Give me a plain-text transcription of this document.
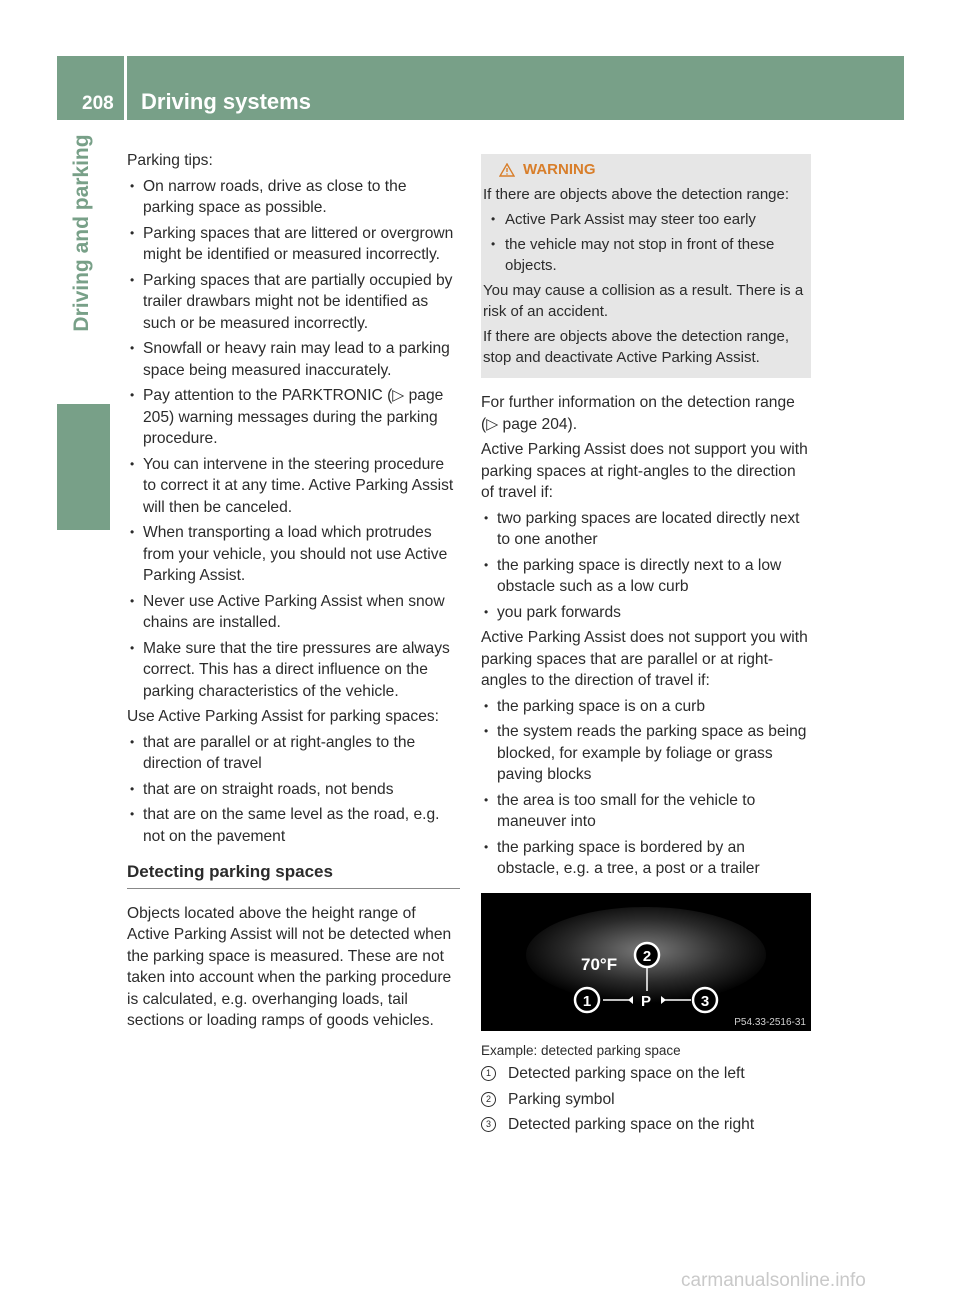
208 Driving systems
Driving and parking Parking tips:

• On narrow roads, drive as close to the parking space as possible.
• Parking spaces that are littered or overgrown might be identified or measured incorrectly.
• Parking spaces that are partially occupied by trailer drawbars might not be identified as such or be measured incorrectly.
• Snowfall or heavy rain may lead to a parking space being measured inaccurately.
• Pay attention to the PARKTRONIC (▷ page 205) warning messages during the parking procedure.
• You can intervene in the steering procedure to correct it at any time. Active Parking Assist will then be canceled.
• When transporting a load which protrudes from your vehicle, you should not use Active Parking Assist.
• Never use Active Parking Assist when snow chains are installed.
• Make sure that the tire pressures are always correct. This has a direct influence on the parking characteristics of the vehicle.

Use Active Parking Assist for parking spaces:

• that are parallel or at right-angles to the direction of travel
• that are on straight roads, not bends
• that are on the same level as the road, e.g. not on the pavement
Detecting parking spaces

Objects located above the height range of Active Parking Assist will not be detected when the parking space is measured. These are not taken into account when the parking procedure is calculated, e.g. overhanging loads, tail sections or loading ramps of goods vehicles.

WARNING

If there are objects above the detection range:

• Active Park Assist may steer too early
• the vehicle may not stop in front of these objects.

You may cause a collision as a result. There is a risk of an accident.

If there are objects above the detection range, stop and deactivate Active Parking Assist.

For further information on the detection range (▷ page 204).

Active Parking Assist does not support you with parking spaces at right-angles to the direction of travel if:

• two parking spaces are located directly next to one another
• the parking space is directly next to a low obstacle such as a low curb
• you park forwards

Active Parking Assist does not support you with parking spaces that are parallel or at right-angles to the direction of travel if:

• the parking space is on a curb
• the system reads the parking space as being blocked, for example by foliage or grass paving blocks
• the area is too small for the vehicle to maneuver into
• the parking space is bordered by an obstacle, e.g. a tree, a post or a trailer
70°F
P
1
2
3
P54.33-2516-31
Example: detected parking space
1	Detected parking space on the left
2	Parking symbol
3	Detected parking space on the right
carmanualsonline.info
